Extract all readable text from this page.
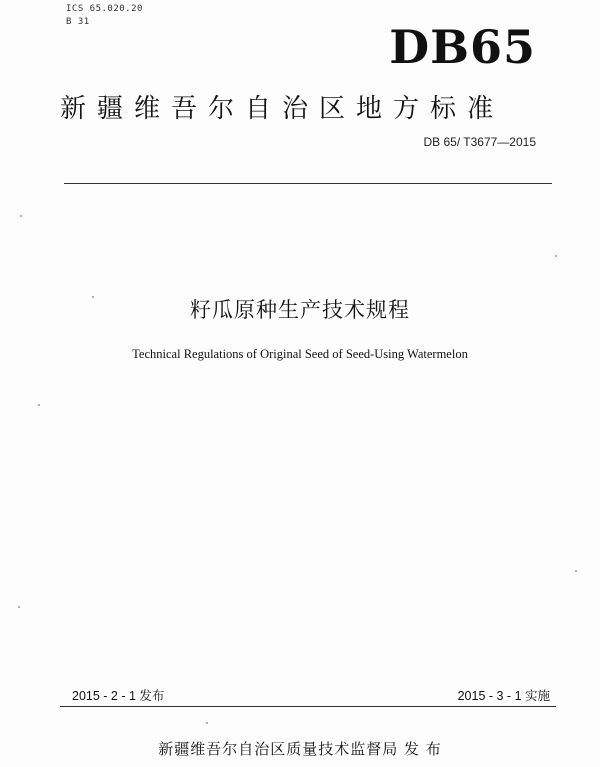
ICS 65.020.20
B 31	DB65
新疆维吾尔自治区地方标准
DB 65/ T3677—2015
籽瓜原种生产技术规程
Technical Regulations of Original Seed of Seed-Using Watermelon
2015 - 2 - 1 发布	2015 - 3 - 1 实施
新疆维吾尔自治区质量技术监督局 发 布
